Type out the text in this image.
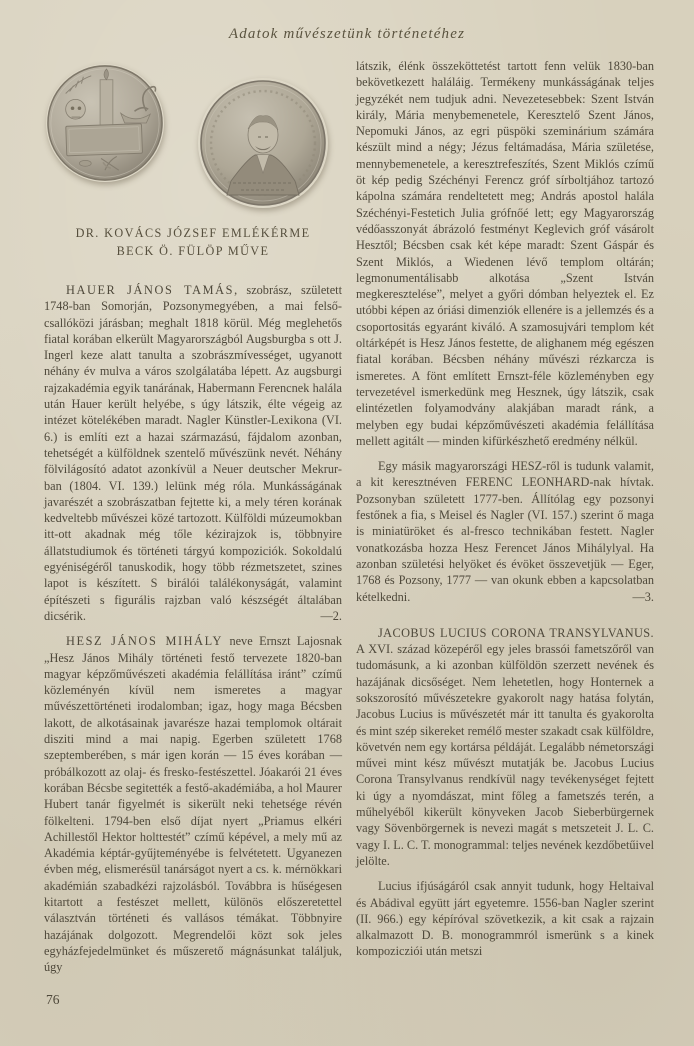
Adatok művészetünk történetéhez
DR. KOVÁCS JÓZSEF EMLÉKÉRME
BECK Ö. FÜLÖP MŰVE

HAUER JÁNOS TAMÁS, szobrász, született 1748-ban Somorján, Pozsonymegyében, a mai felső-csallóközi járásban; meghalt 1818 körül. Még meglehetős fiatal korában elkerült Magyarországból Augsburgba s ott J. Ingerl keze alatt tanulta a szobrászmívességet, ugyanott néhány év mulva a város szolgálatába lépett. Az augsburgi rajzakadémia egyik tanárának, Habermann Ferencnek halála után Hauer került helyébe, s úgy látszik, élte végeig az intézet kötelékében maradt. Nagler Künstler-Lexikona (VI. 6.) is említi ezt a hazai származású, fájdalom azonban, tehetségét a külföldnek szentelő művészünk nevét. Néhány fölvilágosító adatot azonkívül a Neuer deutscher Mekrur-ban (1804. VI. 139.) lelünk még róla. Munkásságának javarészét a szobrászatban fejtette ki, a mely téren korának kedveltebb művészei közé tartozott. Külföldi múzeumokban itt-ott akadnak még tőle kézirajzok is, többnyire állatstudiumok és történeti tárgyú kompoziciók. Sokoldalú egyéniségéről tanuskodik, hogy több rézmetszetet, szines lapot is készített. S birálói találékonyságát, valamint építészeti s figurális rajzban való készségét általában dicsérik.	—2.

HESZ JÁNOS MIHÁLY neve Ernszt Lajosnak „Hesz János Mihály történeti festő tervezete 1820-ban magyar képzőművészeti akadémia felállítása iránt” czímű közleményén kívül nem ismeretes a magyar művészettörténeti irodalomban; igaz, hogy maga Bécsben lakott, de alkotásainak javarésze hazai templomok oltárait disziti mind a mai napig. Egerben született 1768 szeptemberében, s már igen korán — 15 éves korában — próbálkozott az olaj- és fresko-festészettel. Jóakarói 21 éves korában Bécsbe segitették a festő-akadémiába, a hol Maurer Hubert tanár figyelmét is sikerült neki tehetsége révén fölkelteni. 1794-ben első díjat nyert „Priamus elkéri Achillestől Hektor holttestét” czímű képével, a mely mű az Akadémia képtár-gyűjteményébe is felvétetett. Ugyanezen évben még, elismerésül tanárságot nyert a cs. k. mérnökkari akadémián szabadkézi rajzolásból. Továbbra is hűségesen kitartott a festészet mellett, különös előszeretettel választván történeti és vallásos témákat. Többnyire hazájának dolgozott. Megrendelői közt sok jeles egyházfejedelmünket és műszerető mágnásunkat találjuk, úgy

látszik, élénk összeköttetést tartott fenn velük 1830-ban bekövetkezett haláláig. Termékeny munkásságának teljes jegyzékét nem tudjuk adni. Nevezetesebbek: Szent István király, Mária menybemenetele, Keresztelő Szent János, Nepomuki János, az egri püspöki szeminárium számára készült mind a négy; Jézus feltámadása, Mária születése, mennybemenetele, a keresztrefeszítés, Szent Miklós czímű öt kép pedig Széchényi Ferencz gróf sírboltjához tartozó kápolna számára rendeltetett meg; András apostol halála Széchényi-Festetich Julia grófnőé lett; egy Magyarország védőasszonyát ábrázoló festményt Keglevich gróf vásárolt Hesztől; Bécsben csak két képe maradt: Szent Gáspár és Szent Miklós, a Wiedenen lévő templom oltárán; legmonumentálisabb alkotása „Szent István megkeresztelése”, melyet a győri dómban helyeztek el. Ez utóbbi képen az óriási dimenziók ellenére is a jellemzés és a csoportositás egyaránt kiváló. A szamosujvári templom két oltárképét is Hesz János festette, de alighanem még egészen fiatal korában. Bécsben néhány művészi rézkarcza is ismeretes. A fönt említett Ernszt-féle közleményben egy tervezetével ismerkedünk meg Hesznek, úgy látszik, csak elintézetlen folyamodvány alakjában maradt ránk, a melyben egy budai képzőművészeti akadémia felállítása mellett agitált — minden kifürkészhető eredmény nélkül.

Egy másik magyarországi HESZ-ről is tudunk valamit, a kit keresztnéven FERENC LEONHARD-nak hívtak. Pozsonyban született 1777-ben. Állítólag egy pozsonyi festőnek a fia, s Meisel és Nagler (VI. 157.) szerint ő maga is miniatüröket és al-fresco technikában festett. Nagler vonatkozásba hozza Hesz Ferencet János Mihálylyal. Ha azonban születési helyöket és évöket összevetjük — Eger, 1768 és Pozsony, 1777 — van okunk ebben a kapcsolatban kételkedni.	—3.

JACOBUS LUCIUS CORONA TRANSYLVANUS. A XVI. század közepéről egy jeles brassói fametszőről van tudomásunk, a ki azonban külföldön szerzett nevének és hazájának dicsőséget. Nem lehetetlen, hogy Honternek a sokszorosító művészetekre gyakorolt nagy hatása folytán, Jacobus Lucius is művészetét már itt tanulta és gyakorolta és mint szép sikereket remélő mester szakadt csak külföldre, követvén nem egy kortársa példáját. Legalább németországi művei mint kész művészt mutatják be. Jacobus Lucius Corona Transylvanus rendkívül nagy tevékenységet fejtett ki úgy a nyomdászat, mint főleg a fametszés terén, a műhelyéből kikerült könyveken Jacob Sieberbürgernek vagy Sövenbörgernek is nevezi magát s metszeteit J. L. C. vagy I. L. C. T. monogrammal: teljes nevének kezdőbetűivel jelölte.

Lucius ifjúságáról csak annyit tudunk, hogy Heltaival és Abádival együtt járt egyetemre. 1556-ban Nagler szerint (II. 966.) egy képíróval szövetkezik, a kit csak a rajzain alkalmazott D. B. monogrammról ismerünk s a kinek kompozicziói után metszi

76
